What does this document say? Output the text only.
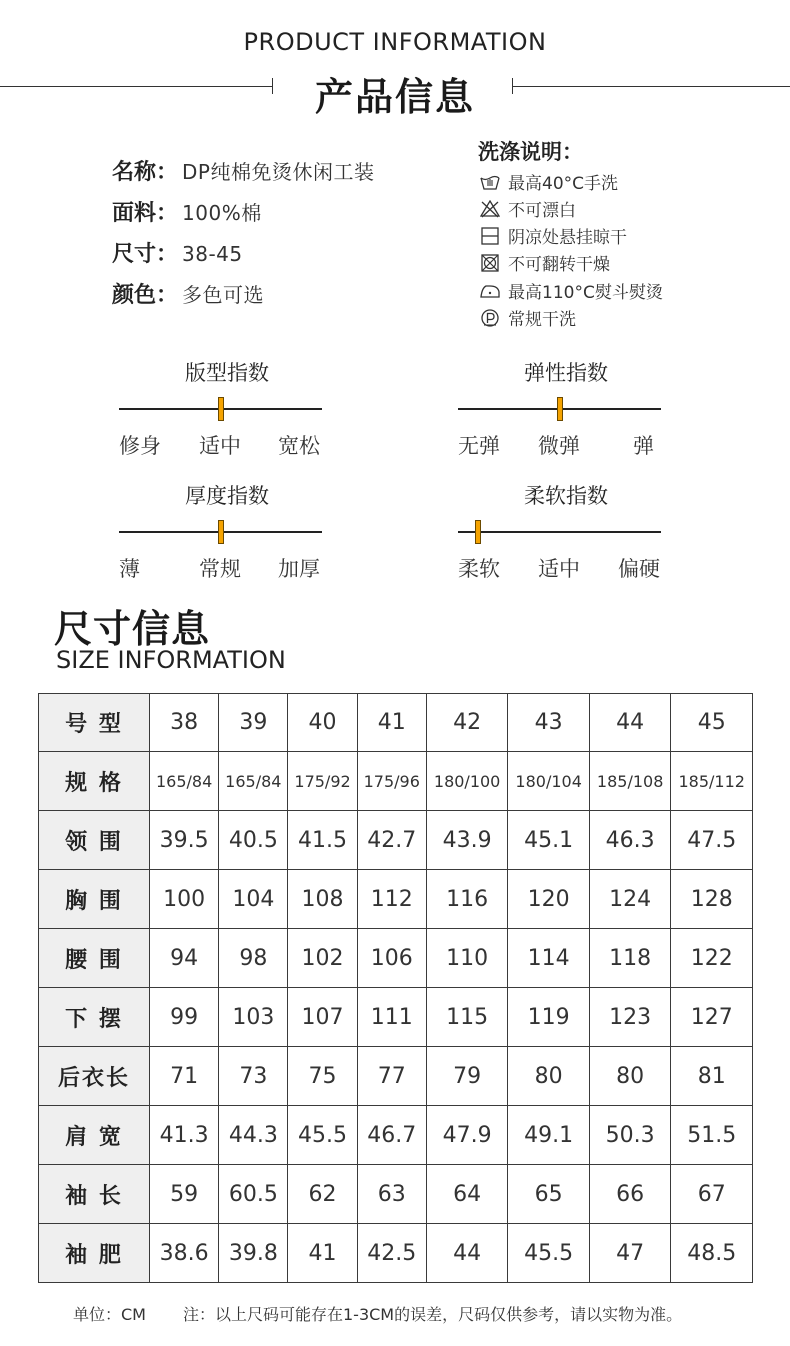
PRODUCT INFORMATION
产品信息
名称： DP纯棉免烫休闲工装
面料： 100%棉
尺寸： 38-45
颜色： 多色可选
洗涤说明：
最高40°C手洗
不可漂白
阴凉处悬挂晾干
不可翻转干燥
最高110°C熨斗熨烫
常规干洗
版型指数
修身 适中 宽松
弹性指数
无弹 微弹	弹
厚度指数
薄	常规 加厚
柔软指数
柔软 适中 偏硬
尺寸信息
SIZE INFORMATION
号 型	38	39	40	41	42	43	44	45
规 格	165/84	165/84	175/92	175/96	180/100	180/104	185/108	185/112
领 围	39.5	40.5	41.5	42.7	43.9	45.1	46.3	47.5
胸 围	100	104	108	112	116	120	124	128
腰 围	94	98	102	106	110	114	118	122
下 摆	99	103	107	111	115	119	123	127
后衣长	71	73	75	77	79	80	80	81
肩 宽	41.3	44.3	45.5	46.7	47.9	49.1	50.3	51.5
袖 长	59	60.5	62	63	64	65	66	67
袖 肥	38.6	39.8	41	42.5	44	45.5	47	48.5
单位：CM 注：以上尺码可能存在1-3CM的误差，尺码仅供参考，请以实物为准。
